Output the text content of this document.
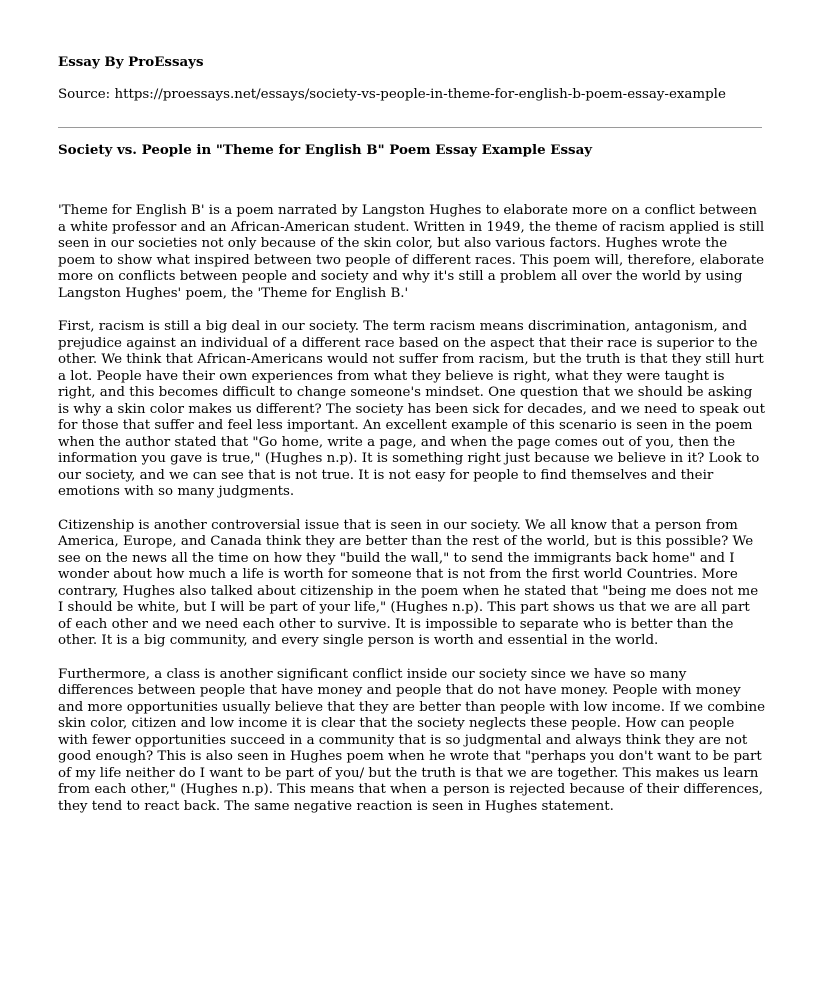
Essay By ProEssays

Source: https://proessays.net/essays/society-vs-people-in-theme-for-english-b-poem-essay-example

Society vs. People in "Theme for English B" Poem Essay Example Essay

'Theme for English B' is a poem narrated by Langston Hughes to elaborate more on a conflict between a white professor and an African-American student. Written in 1949, the theme of racism applied is still seen in our societies not only because of the skin color, but also various factors. Hughes wrote the poem to show what inspired between two people of different races. This poem will, therefore, elaborate more on conflicts between people and society and why it's still a problem all over the world by using Langston Hughes' poem, the 'Theme for English B.'

First, racism is still a big deal in our society. The term racism means discrimination, antagonism, and prejudice against an individual of a different race based on the aspect that their race is superior to the other. We think that African-Americans would not suffer from racism, but the truth is that they still hurt a lot. People have their own experiences from what they believe is right, what they were taught is right, and this becomes difficult to change someone's mindset. One question that we should be asking is why a skin color makes us different? The society has been sick for decades, and we need to speak out for those that suffer and feel less important. An excellent example of this scenario is seen in the poem when the author stated that "Go home, write a page, and when the page comes out of you, then the information you gave is true," (Hughes n.p). It is something right just because we believe in it? Look to our society, and we can see that is not true. It is not easy for people to find themselves and their emotions with so many judgments.

Citizenship is another controversial issue that is seen in our society. We all know that a person from America, Europe, and Canada think they are better than the rest of the world, but is this possible? We see on the news all the time on how they "build the wall," to send the immigrants back home" and I wonder about how much a life is worth for someone that is not from the first world Countries. More contrary, Hughes also talked about citizenship in the poem when he stated that "being me does not me I should be white, but I will be part of your life," (Hughes n.p). This part shows us that we are all part of each other and we need each other to survive. It is impossible to separate who is better than the other. It is a big community, and every single person is worth and essential in the world.

Furthermore, a class is another significant conflict inside our society since we have so many differences between people that have money and people that do not have money. People with money and more opportunities usually believe that they are better than people with low income. If we combine skin color, citizen and low income it is clear that the society neglects these people. How can people with fewer opportunities succeed in a community that is so judgmental and always think they are not good enough? This is also seen in Hughes poem when he wrote that "perhaps you don't want to be part of my life neither do I want to be part of you/ but the truth is that we are together. This makes us learn from each other," (Hughes n.p). This means that when a person is rejected because of their differences, they tend to react back. The same negative reaction is seen in Hughes statement.
